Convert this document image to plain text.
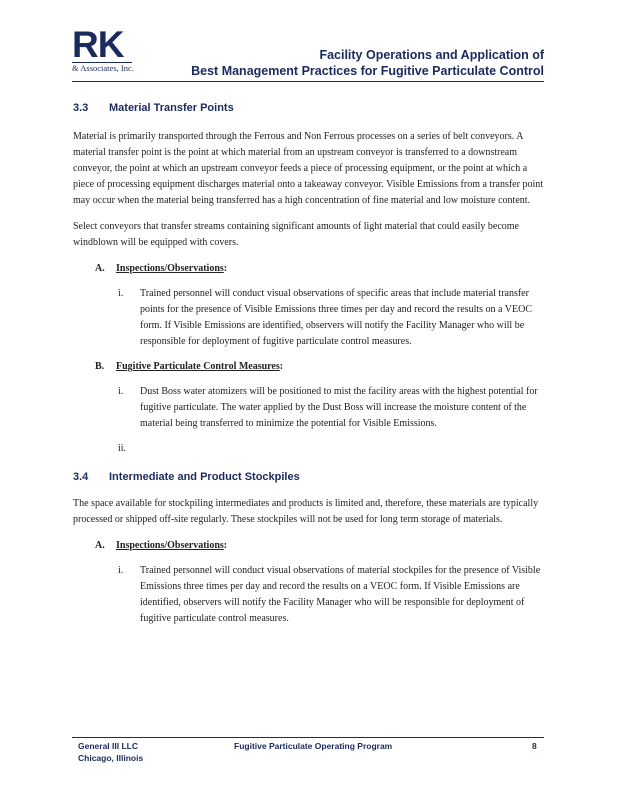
RK
& Associates, Inc.
Facility Operations and Application of
Best Management Practices for Fugitive Particulate Control
3.3 Material Transfer Points

Material is primarily transported through the Ferrous and Non Ferrous processes on a series of belt conveyors. A material transfer point is the point at which material from an upstream conveyor is transferred to a downstream conveyor, the point at which an upstream conveyor feeds a piece of processing equipment, or the point at which a piece of processing equipment discharges material onto a takeaway conveyor. Visible Emissions from a transfer point may occur when the material being transferred has a high concentration of fine material and low moisture content.

Select conveyors that transfer streams containing significant amounts of light material that could easily become windblown will be equipped with covers.

A. Inspections/Observations:
i.	Trained personnel will conduct visual observations of specific areas that include material transfer points for the presence of Visible Emissions three times per day and record the results on a VEOC form. If Visible Emissions are identified, observers will notify the Facility Manager who will be responsible for deployment of fugitive particulate control measures.
B. Fugitive Particulate Control Measures:
i.	Dust Boss water atomizers will be positioned to mist the facility areas with the highest potential for fugitive particulate. The water applied by the Dust Boss will increase the moisture content of the material being transferred to minimize the potential for Visible Emissions.
ii.
3.4 Intermediate and Product Stockpiles

The space available for stockpiling intermediates and products is limited and, therefore, these materials are typically processed or shipped off-site regularly. These stockpiles will not be used for long term storage of materials.

A. Inspections/Observations:
i.	Trained personnel will conduct visual observations of material stockpiles for the presence of Visible Emissions three times per day and record the results on a VEOC form. If Visible Emissions are identified, observers will notify the Facility Manager who will be responsible for deployment of fugitive particulate control measures.
General III LLC
Chicago, Illinois
Fugitive Particulate Operating Program	8
